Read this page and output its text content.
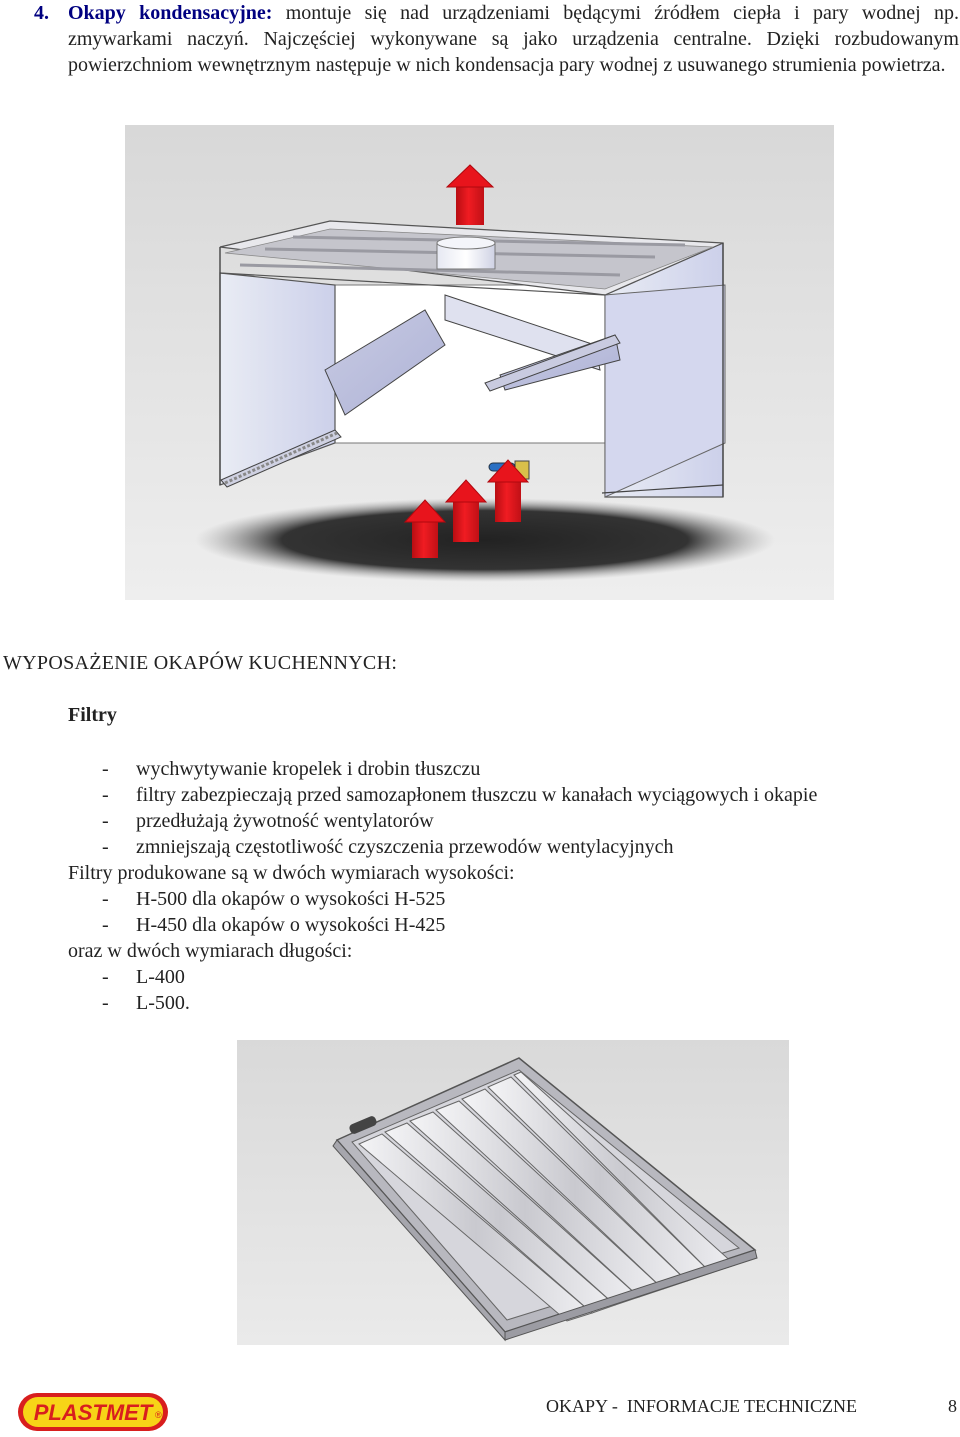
4. Okapy kondensacyjne: montuje się nad urządzeniami będącymi źródłem ciepła i pary wodnej np. zmywarkami naczyń. Najczęściej wykonywane są jako urządzenia centralne. Dzięki rozbudowanym powierzchniom wewnętrznym następuje w nich kondensacja pary wodnej z usuwanego strumienia powietrza.

WYPOSAŻENIE OKAPÓW KUCHENNYCH:
Filtry
- wychwytywanie kropelek i drobin tłuszczu
- filtry zabezpieczają przed samozapłonem tłuszczu w kanałach wyciągowych i okapie
- przedłużają żywotność wentylatorów
- zmniejszają częstotliwość czyszczenia przewodów wentylacyjnych
Filtry produkowane są w dwóch wymiarach wysokości:
- H-500 dla okapów o wysokości H-525
- H-450 dla okapów o wysokości H-425
oraz w dwóch wymiarach długości:
- L-400
- L-500.
PLASTMET ®	OKAPY -  INFORMACJE TECHNICZNE	8
